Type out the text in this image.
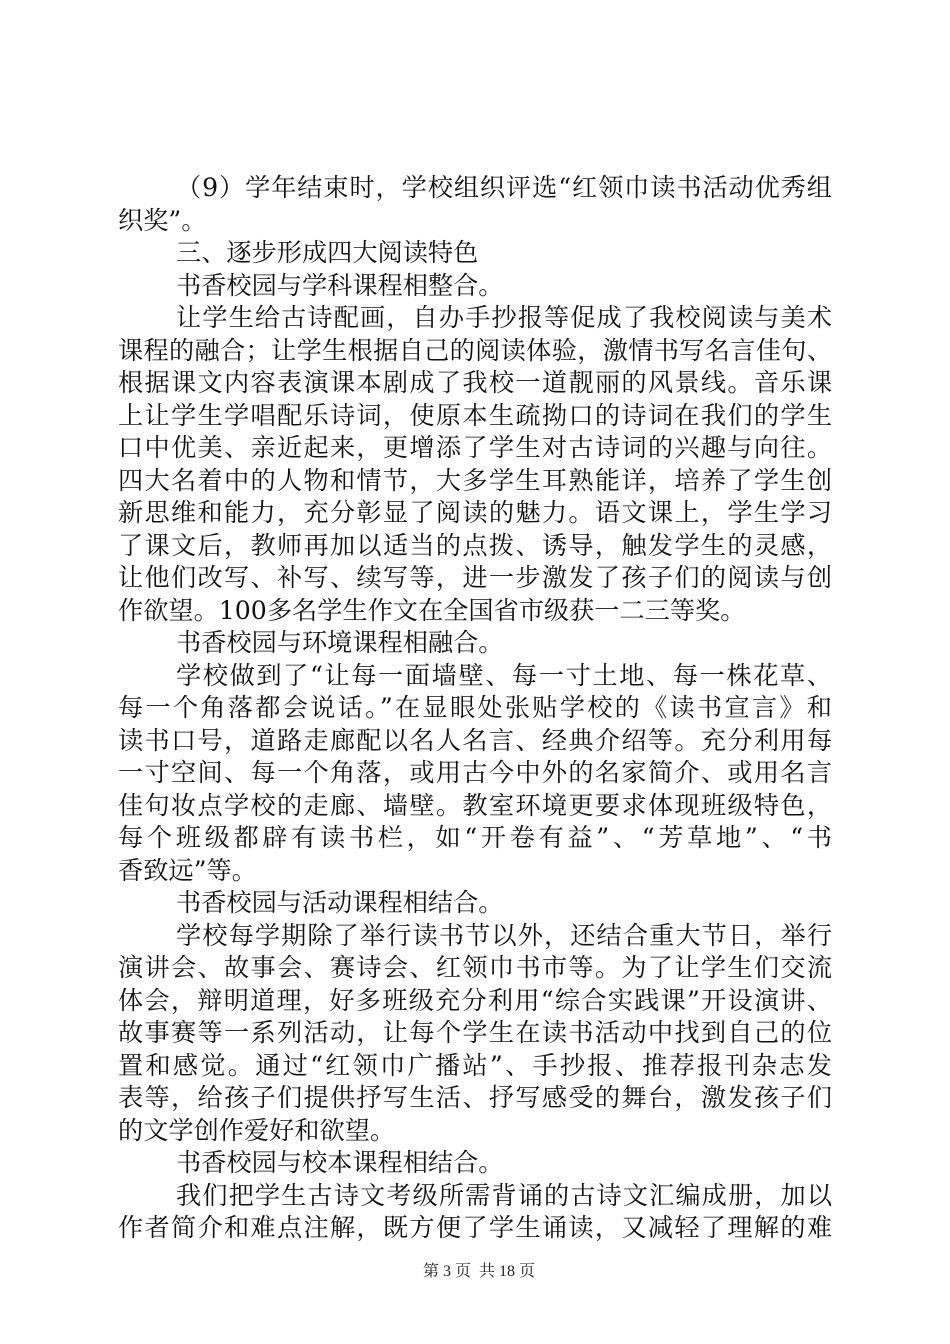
（9）学年结束时，学校组织评选“红领巾读书活动优秀组
织奖”。
三、逐步形成四大阅读特色
书香校园与学科课程相整合。
让学生给古诗配画，自办手抄报等促成了我校阅读与美术
课程的融合；让学生根据自己的阅读体验，激情书写名言佳句、
根据课文内容表演课本剧成了我校一道靓丽的风景线。音乐课
上让学生学唱配乐诗词，使原本生疏拗口的诗词在我们的学生
口中优美、亲近起来，更增添了学生对古诗词的兴趣与向往。
四大名着中的人物和情节，大多学生耳熟能详，培养了学生创
新思维和能力，充分彰显了阅读的魅力。语文课上，学生学习
了课文后，教师再加以适当的点拨、诱导，触发学生的灵感，
让他们改写、补写、续写等，进一步激发了孩子们的阅读与创
作欲望。100多名学生作文在全国省市级获一二三等奖。
书香校园与环境课程相融合。
学校做到了“让每一面墙壁、每一寸土地、每一株花草、
每一个角落都会说话。”在显眼处张贴学校的《读书宣言》和
读书口号，道路走廊配以名人名言、经典介绍等。充分利用每
一寸空间、每一个角落，或用古今中外的名家简介、或用名言
佳句妆点学校的走廊、墙壁。教室环境更要求体现班级特色，
每个班级都辟有读书栏，如“开卷有益”、“芳草地”、“书
香致远”等。
书香校园与活动课程相结合。
学校每学期除了举行读书节以外，还结合重大节日，举行
演讲会、故事会、赛诗会、红领巾书市等。为了让学生们交流
体会，辩明道理，好多班级充分利用“综合实践课”开设演讲、
故事赛等一系列活动，让每个学生在读书活动中找到自己的位
置和感觉。通过“红领巾广播站”、手抄报、推荐报刊杂志发
表等，给孩子们提供抒写生活、抒写感受的舞台，激发孩子们
的文学创作爱好和欲望。
书香校园与校本课程相结合。
我们把学生古诗文考级所需背诵的古诗文汇编成册，加以
作者简介和难点注解，既方便了学生诵读，又减轻了理解的难

第 3 页  共 18 页
